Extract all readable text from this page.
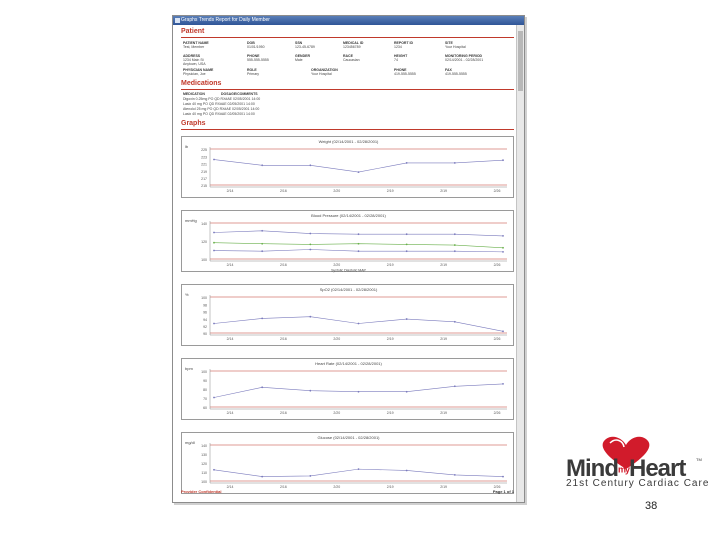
Graphs Trends Report for Daily Member
Patient
PATIENT NAME
Test, Member
DOB
01/01/1950
SSN
123-45-6789
MEDICAL ID
123456789
REPORT ID
1234
SITE
Your Hospital
ADDRESS
1234 Main St
Anytown, USA
PHONE
555-555-5555
GENDER
Male
RACE
Caucasian
HEIGHT
74
MONITORING PERIOD
02/14/2001 - 02/28/2001
PHYSICIAN NAME
Physician, Joe
ROLE
Primary
ORGANIZATION
Your Hospital
PHONE
419-555-5555
FAX
419-555-5555
Medications
MEDICATION	DOSAGE/COMMENTS
Digoxin 0.25mg PO QD RX#AE 02/05/2001 14:00
Lasix 40 mg PO QD RX#AE 02/05/2001 14:00
Atenolol 25 mg PO QD RX#AE 02/05/2001 14:00
Lasix 40 mg PO QD RX#AE 02/05/2001 14:00
Graphs
Weight (02/14/2001 - 02/28/2001)
lb
225
223
221
219
217
215
2/14	2/16	2/20	2/19	2/19	2/26
Blood Pressure (02/14/2001 - 02/28/2001)
mmHg
140
120
100
2/14	2/16	2/20	2/19	2/19	2/26
Systolic Diastolic MAP
SpO2 (02/14/2001 - 02/28/2001)
%
100
98
96
94
92
90
2/14	2/16	2/20	2/19	2/19	2/26
Heart Rate (02/14/2001 - 02/28/2001)
bpm
100
90
80
70
60
2/14	2/16	2/20	2/19	2/19	2/26
Glucose (02/14/2001 - 02/28/2001)
mg/dl
140
130
120
110
100
2/14	2/16	2/20	2/19	2/19	2/26
Provider Confidential	Page 1 of 1
MindmyHeart	TM
21st Century Cardiac Care
38
